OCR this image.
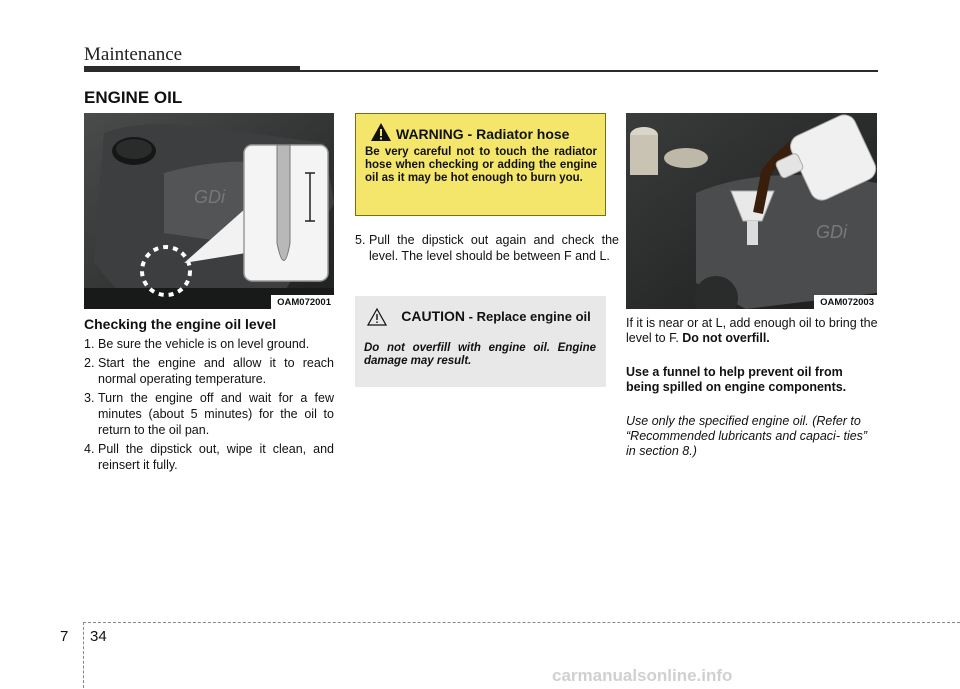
Maintenance
ENGINE OIL
GDi
OAM072001
Checking the engine oil level
1. Be sure the vehicle is on level ground.
2. Start the engine and allow it to reach normal operating temperature.
3. Turn the engine off and wait for a few minutes (about 5 minutes) for the oil to return to the oil pan.
4. Pull the dipstick out, wipe it clean, and reinsert it fully.
WARNING - Radiator hose
Be very careful not to touch the radiator hose when checking or adding the engine oil as it may be hot enough to burn you.
5. Pull the dipstick out again and check the level. The level should be between F and L.
CAUTION - Replace engine oil
Do not overfill with engine oil. Engine damage may result.
GDi
OAM072003
If it is near or at L, add enough oil to bring the level to F. Do not overfill.
Use a funnel to help prevent oil from being spilled on engine components.
Use only the specified engine oil. (Refer to “Recommended lubricants and capaci- ties” in section 8.)
7 34
carmanualsonline.info
